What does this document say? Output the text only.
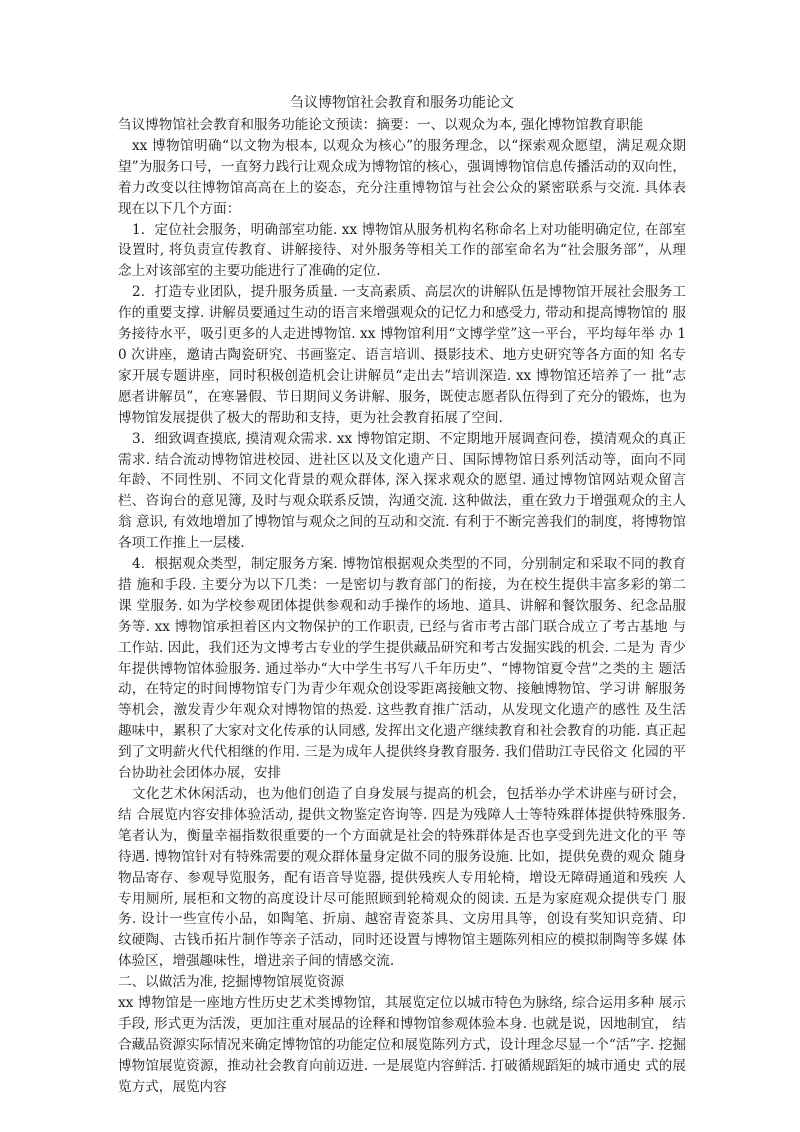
刍议博物馆社会教育和服务功能论文

刍议博物馆社会教育和服务功能论文预读：摘要：一、以观众为本, 强化博物馆教育职能

xx 博物馆明确“以文物为根本, 以观众为核心”的服务理念，以“探索观众愿望，满足观众期 望”为服务口号，一直努力践行让观众成为博物馆的核心，强调博物馆信息传播活动的双向性，着力改变以往博物馆高高在上的姿态，充分注重博物馆与社会公众的紧密联系与交流. 具体表 现在以下几个方面：

1．定位社会服务，明确部室功能. xx 博物馆从服务机构名称命名上对功能明确定位, 在部室 设置时, 将负责宣传教育、讲解接待、对外服务等相关工作的部室命名为“社会服务部”，从理 念上对该部室的主要功能进行了准确的定位.

2．打造专业团队，提升服务质量. 一支高素质、高层次的讲解队伍是博物馆开展社会服务工 作的重要支撑. 讲解员要通过生动的语言来增强观众的记忆力和感受力, 带动和提高博物馆的 服务接待水平，吸引更多的人走进博物馆. xx 博物馆利用“文博学堂”这一平台，平均每年举 办 10 次讲座，邀请古陶瓷研究、书画鉴定、语言培训、摄影技术、地方史研究等各方面的知 名专家开展专题讲座，同时积极创造机会让讲解员“走出去”培训深造. xx 博物馆还培养了一 批“志愿者讲解员”，在寒暑假、节日期间义务讲解、服务，既使志愿者队伍得到了充分的锻炼，也为博物馆发展提供了极大的帮助和支持，更为社会教育拓展了空间.

3．细致调查摸底, 摸清观众需求. xx 博物馆定期、不定期地开展调查问卷，摸清观众的真正 需求. 结合流动博物馆进校园、进社区以及文化遗产日、国际博物馆日系列活动等，面向不同 年龄、不同性别、不同文化背景的观众群体, 深入探求观众的愿望. 通过博物馆网站观众留言 栏、咨询台的意见簿, 及时与观众联系反馈，沟通交流. 这种做法，重在致力于增强观众的主人翁 意识, 有效地增加了博物馆与观众之间的互动和交流. 有利于不断完善我们的制度，将博物馆 各项工作推上一层楼.

4．根据观众类型，制定服务方案. 博物馆根据观众类型的不同，分别制定和采取不同的教育措 施和手段. 主要分为以下几类：一是密切与教育部门的衔接，为在校生提供丰富多彩的第二课 堂服务. 如为学校参观团体提供参观和动手操作的场地、道具、讲解和餐饮服务、纪念品服 务等. xx 博物馆承担着区内文物保护的工作职责, 已经与省市考古部门联合成立了考古基地 与工作站. 因此，我们还为文博考古专业的学生提供藏品研究和考古发掘实践的机会. 二是为 青少年提供博物馆体验服务. 通过举办“大中学生书写八千年历史”、“博物馆夏令营”之类的主 题活动，在特定的时间博物馆专门为青少年观众创设零距离接触文物、接触博物馆、学习讲 解服务等机会，激发青少年观众对博物馆的热爱. 这些教育推广活动，从发现文化遗产的感性 及生活趣味中，累积了大家对文化传承的认同感, 发挥出文化遗产继续教育和社会教育的功能. 真正起到了文明薪火代代相继的作用. 三是为成年人提供终身教育服务. 我们借助江寺民俗文 化园的平台协助社会团体办展，安排

文化艺术休闲活动，也为他们创造了自身发展与提高的机会，包括举办学术讲座与研讨会，结 合展览内容安排体验活动, 提供文物鉴定咨询等. 四是为残障人士等特殊群体提供特殊服务. 笔者认为，衡量幸福指数很重要的一个方面就是社会的特殊群体是否也享受到先进文化的平 等待遇. 博物馆针对有特殊需要的观众群体量身定做不同的服务设施. 比如，提供免费的观众 随身物品寄存、参观导览服务，配有语音导览器, 提供残疾人专用轮椅，增设无障碍通道和残疾 人专用厕所, 展柜和文物的高度设计尽可能照顾到轮椅观众的阅读. 五是为家庭观众提供专门 服务. 设计一些宣传小品，如陶笔、折扇、越窑青瓷茶具、文房用具等，创设有奖知识竞猜、印 纹硬陶、古钱币拓片制作等亲子活动，同时还设置与博物馆主题陈列相应的模拟制陶等多媒 体体验区，增强趣味性，增进亲子间的情感交流.

二、以做活为准, 挖掘博物馆展览资源

xx 博物馆是一座地方性历史艺术类博物馆，其展览定位以城市特色为脉络, 综合运用多种 展示手段, 形式更为活泼，更加注重对展品的诠释和博物馆参观体验本身. 也就是说，因地制宜， 结合藏品资源实际情况来确定博物馆的功能定位和展览陈列方式，设计理念尽显一个“活”字. 挖掘博物馆展览资源，推动社会教育向前迈进. 一是展览内容鲜活. 打破循规蹈矩的城市通史 式的展览方式，展览内容
